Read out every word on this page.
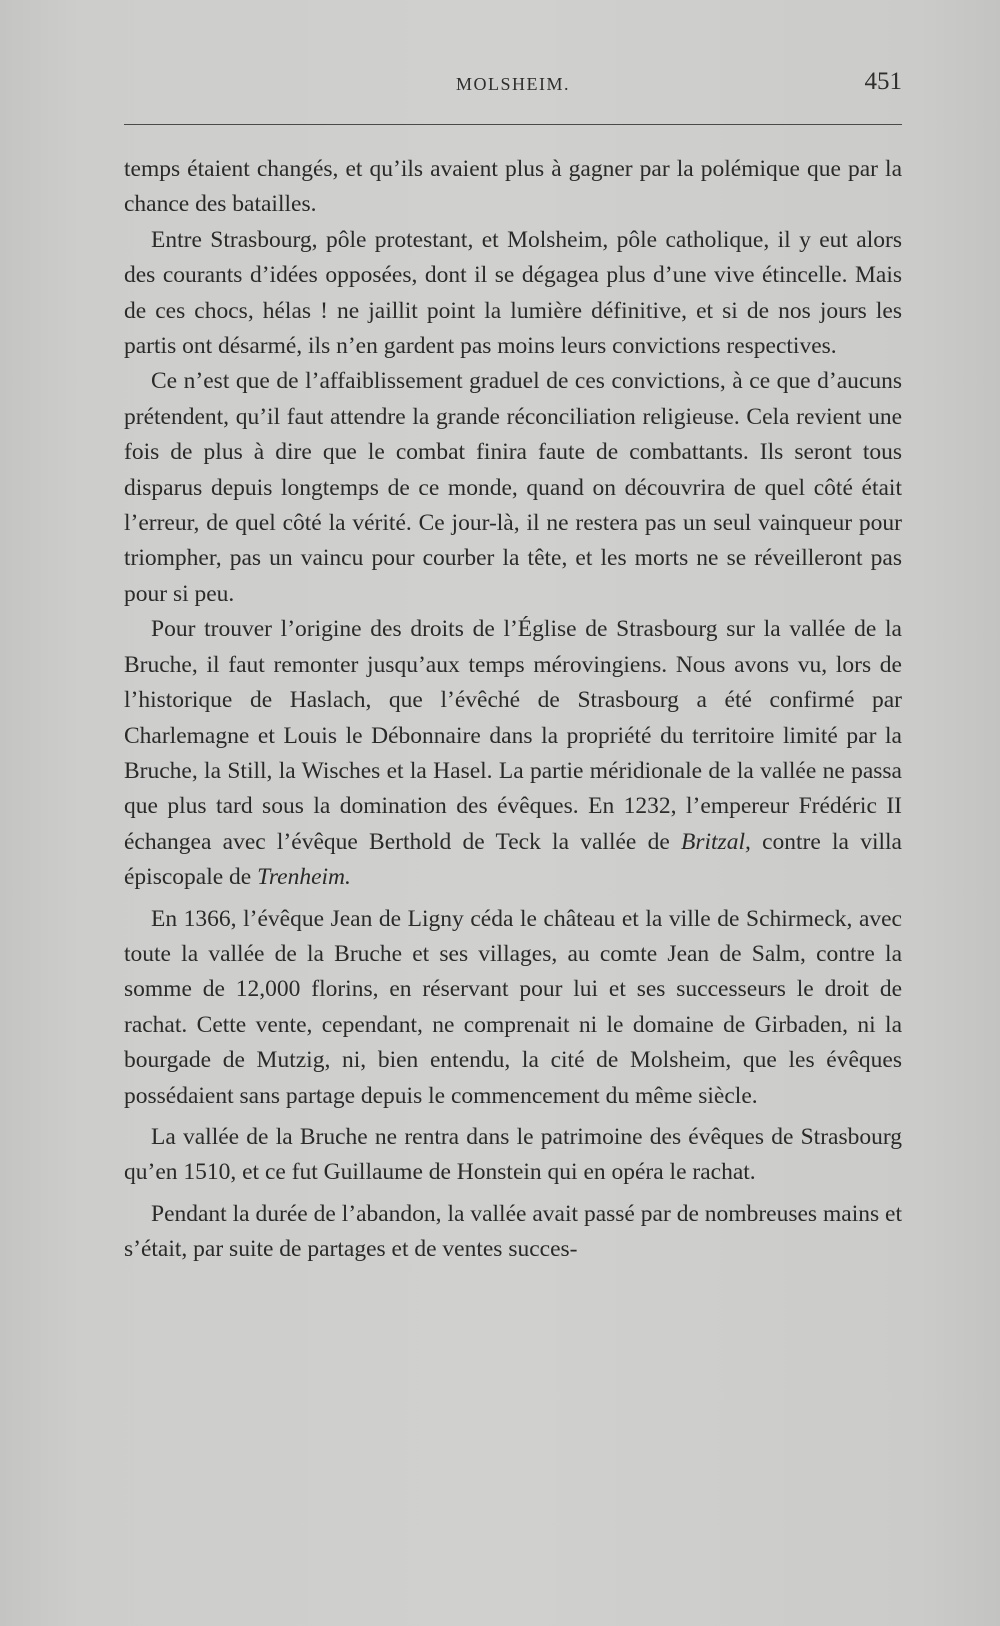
MOLSHEIM.	451

temps étaient changés, et qu’ils avaient plus à gagner par la polémique que par la chance des batailles.

Entre Strasbourg, pôle protestant, et Molsheim, pôle catholique, il y eut alors des courants d’idées opposées, dont il se dégagea plus d’une vive étincelle. Mais de ces chocs, hélas ! ne jaillit point la lumière définitive, et si de nos jours les partis ont désarmé, ils n’en gardent pas moins leurs convictions respectives.

Ce n’est que de l’affaiblissement graduel de ces convictions, à ce que d’aucuns prétendent, qu’il faut attendre la grande réconciliation religieuse. Cela revient une fois de plus à dire que le combat finira faute de combattants. Ils seront tous disparus depuis longtemps de ce monde, quand on découvrira de quel côté était l’erreur, de quel côté la vérité. Ce jour-là, il ne restera pas un seul vainqueur pour triompher, pas un vaincu pour courber la tête, et les morts ne se réveilleront pas pour si peu.

Pour trouver l’origine des droits de l’Église de Strasbourg sur la vallée de la Bruche, il faut remonter jusqu’aux temps mérovingiens. Nous avons vu, lors de l’historique de Haslach, que l’évêché de Strasbourg a été confirmé par Charlemagne et Louis le Débonnaire dans la propriété du territoire limité par la Bruche, la Still, la Wisches et la Hasel. La partie méridionale de la vallée ne passa que plus tard sous la domination des évêques. En 1232, l’empereur Frédéric II échangea avec l’évêque Berthold de Teck la vallée de Britzal, contre la villa épiscopale de Trenheim.

En 1366, l’évêque Jean de Ligny céda le château et la ville de Schirmeck, avec toute la vallée de la Bruche et ses villages, au comte Jean de Salm, contre la somme de 12,000 florins, en réservant pour lui et ses successeurs le droit de rachat. Cette vente, cependant, ne comprenait ni le domaine de Girbaden, ni la bourgade de Mutzig, ni, bien entendu, la cité de Molsheim, que les évêques possédaient sans partage depuis le commencement du même siècle.

La vallée de la Bruche ne rentra dans le patrimoine des évêques de Strasbourg qu’en 1510, et ce fut Guillaume de Honstein qui en opéra le rachat.

Pendant la durée de l’abandon, la vallée avait passé par de nombreuses mains et s’était, par suite de partages et de ventes succes-
